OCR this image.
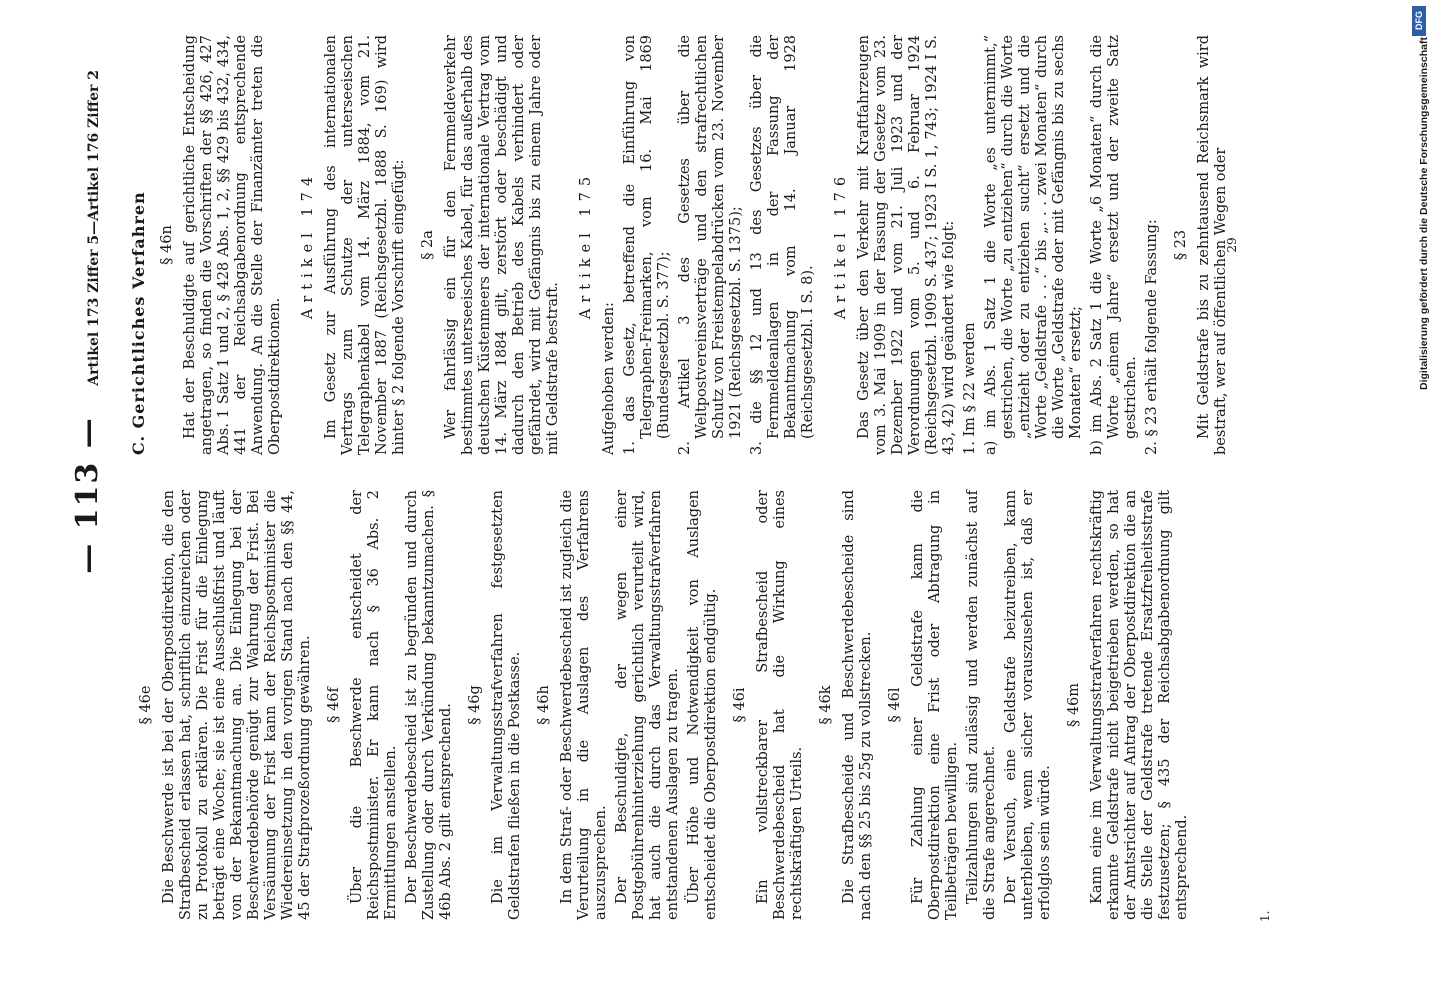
— 113 —
Artikel 173 Ziffer 5—Artikel 176 Ziffer 2
§ 46e Die Beschwerde ist bei der Oberpostdirektion, die den Strafbescheid erlassen hat, schriftlich einzureichen oder zu Protokoll zu erklären. Die Frist für die Einlegung beträgt eine Woche; sie ist eine Ausschlußfrist und läuft von der Bekanntmachung an. Die Einlegung bei der Beschwerdebehörde genügt zur Wahrung der Frist. Bei Versäumung der Frist kann der Reichspostminister die Wiedereinsetzung in den vorigen Stand nach den §§ 44, 45 der Strafprozeßordnung gewähren. § 46f Über die Beschwerde entscheidet der Reichspostminister. Er kann nach § 36 Abs. 2 Ermittlungen anstellen. Der Beschwerdebescheid ist zu begründen und durch Zustellung oder durch Verkündung bekanntzumachen. § 46b Abs. 2 gilt entsprechend. § 46g Die im Verwaltungsstrafverfahren festgesetzten Geldstrafen fließen in die Postkasse. § 46h In dem Straf- oder Beschwerdebescheid ist zugleich die Verurteilung in die Auslagen des Verfahrens auszusprechen. Der Beschuldigte, der wegen einer Postgebührenhinterziehung gerichtlich verurteilt wird, hat auch die durch das Verwaltungsstrafverfahren entstandenen Auslagen zu tragen. Über Höhe und Notwendigkeit von Auslagen entscheidet die Oberpostdirektion endgültig. § 46i Ein vollstreckbarer Strafbescheid oder Beschwerdebescheid hat die Wirkung eines rechtskräftigen Urteils.
§ 46k Die Strafbescheide und Beschwerdebescheide sind nach den §§ 25 bis 25g zu vollstrecken. § 46l Für Zahlung einer Geldstrafe kann die Oberpostdirektion eine Frist oder Abtragung in Teilbeträgen bewilligen. Teilzahlungen sind zulässig und werden zunächst auf die Strafe angerechnet. Der Versuch, eine Geldstrafe beizutreiben, kann unterbleiben, wenn sicher vorauszusehen ist, daß er erfolglos sein würde.
§ 46m Kann eine im Verwaltungsstrafverfahren rechtskräftig erkannte Geldstrafe nicht beigetrieben werden, so hat der Amtsrichter auf Antrag der Oberpostdirektion die an die Stelle der Geldstrafe tretende Ersatzfreiheitsstrafe festzusetzen; § 435 der Reichsabgabenordnung gilt entsprechend.
C. Gerichtliches Verfahren § 46n Hat der Beschuldigte auf gerichtliche Entscheidung angetragen, so finden die Vorschriften der §§ 426, 427 Abs. 1 Satz 1 und 2, § 428 Abs. 1, 2, §§ 429 bis 432, 434, 441 der Reichsabgabenordnung entsprechende Anwendung. An die Stelle der Finanzämter treten die Oberpostdirektionen.
Artikel 174 Im Gesetz zur Ausführung des internationalen Vertrags zum Schutze der unterseeischen Telegraphenkabel vom 14. März 1884, vom 21. November 1887 (Reichsgesetzbl. 1888 S. 169) wird hinter § 2 folgende Vorschrift eingefügt: § 2a Wer fahrlässig ein für den Fernmeldeverkehr bestimmtes unterseeisches Kabel, für das außerhalb des deutschen Küstenmeers der internationale Vertrag vom 14. März 1884 gilt, zerstört oder beschädigt und dadurch den Betrieb des Kabels verhindert oder gefährdet, wird mit Gefängnis bis zu einem Jahre oder mit Geldstrafe bestraft.
Artikel 175
Aufgehoben werden: 1. das Gesetz, betreffend die Einführung von Telegraphen-Freimarken, vom 16. Mai 1869 (Bundesgesetzbl. S. 377); 2. Artikel 3 des Gesetzes über die Weltpostvereinsverträge und den strafrechtlichen Schutz von Freistempelabdrücken vom 23. November 1921 (Reichsgesetzbl. S. 1375); 3. die §§ 12 und 13 des Gesetzes über die Fernmeldeanlagen in der Fassung der Bekanntmachung vom 14. Januar 1928 (Reichsgesetzbl. I S. 8).
Artikel 176 Das Gesetz über den Verkehr mit Kraftfahrzeugen vom 3. Mai 1909 in der Fassung der Gesetze vom 23. Dezember 1922 und vom 21. Juli 1923 und der Verordnungen vom 5. und 6. Februar 1924 (Reichsgesetzbl. 1909 S. 437; 1923 I S. 1, 743; 1924 I S. 43, 42) wird geändert wie folgt: 1. Im § 22 werden a) im Abs. 1 Satz 1 die Worte „es unternimmt,“ gestrichen, die Worte „zu entziehen“ durch die Worte „entzieht oder zu entziehen sucht“ ersetzt und die Worte „Geldstrafe . . .“ bis „. . . zwei Monaten“ durch die Worte „Geldstrafe oder mit Gefängnis bis zu sechs Monaten“ ersetzt; b) im Abs. 2 Satz 1 die Worte „6 Monaten“ durch die Worte „einem Jahre“ ersetzt und der zweite Satz gestrichen. 2. § 23 erhält folgende Fassung: § 23 Mit Geldstrafe bis zu zehntausend Reichsmark wird bestraft, wer auf öffentlichen Wegen oder
29
1.
DFG
Digitalisierung gefördert durch die Deutsche Forschungsgemeinschaft
